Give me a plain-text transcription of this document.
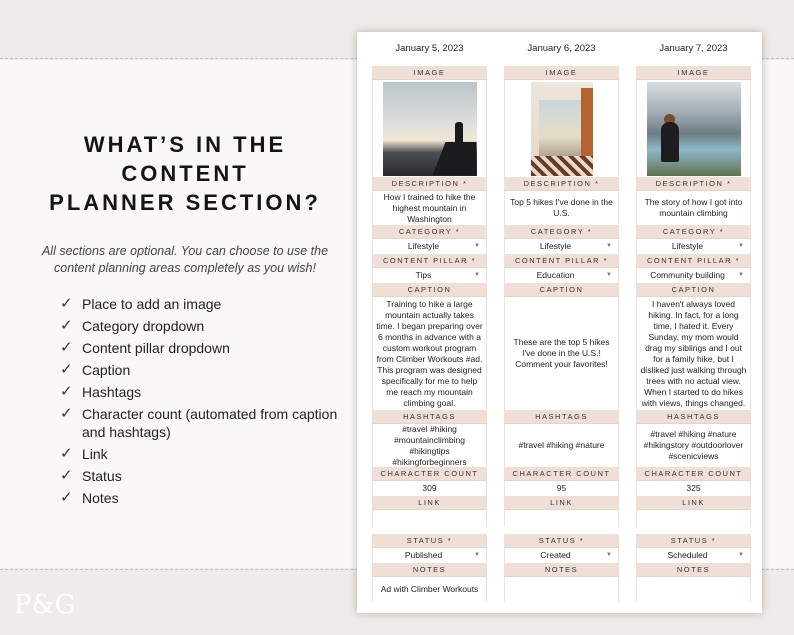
P&G
WHAT’S IN THE
CONTENT
PLANNER SECTION?

All sections are optional. You can choose to use the content planning areas completely as you wish!

✓ Place to add an image
✓ Category dropdown
✓ Content pillar dropdown
✓ Caption
✓ Hashtags
✓ Character count (automated from caption and hashtags)
✓ Link
✓ Status
✓ Notes
January 5, 2023
IMAGE
DESCRIPTION *
How I trained to hike the highest mountain in Washington
CATEGORY *
Lifestyle	▼
CONTENT PILLAR *
Tips	▼
CAPTION
Training to hike a large mountain actually takes time. I began preparing over 6 months in advance with a custom workout program from Climber Workouts #ad. This program was designed specifically for me to help me reach my mountain climbing goal.
HASHTAGS
#travel #hiking #mountainclimbing #hikingtips #hikingforbeginners
CHARACTER COUNT
309
LINK
STATUS *
Published	▼
NOTES
Ad with Climber Workouts
January 6, 2023
IMAGE
DESCRIPTION *
Top 5 hikes I've done in the U.S.
CATEGORY *
Lifestyle	▼
CONTENT PILLAR *
Education	▼
CAPTION
These are the top 5 hikes I've done in the U.S.! Comment your favorites!
HASHTAGS
#travel #hiking #nature
CHARACTER COUNT
95
LINK
STATUS *
Created	▼
NOTES
January 7, 2023
IMAGE
DESCRIPTION *
The story of how I got into mountain climbing
CATEGORY *
Lifestyle	▼
CONTENT PILLAR *
Community building	▼
CAPTION
I haven't always loved hiking. In fact, for a long time, I hated it. Every Sunday, my mom would drag my siblings and I out for a family hike, but I disliked just walking through trees with no actual view. When I started to do hikes with views, things changed.
HASHTAGS
#travel #hiking #nature #hikingstory #outdoorlover #scenicviews
CHARACTER COUNT
325
LINK
STATUS *
Scheduled	▼
NOTES
